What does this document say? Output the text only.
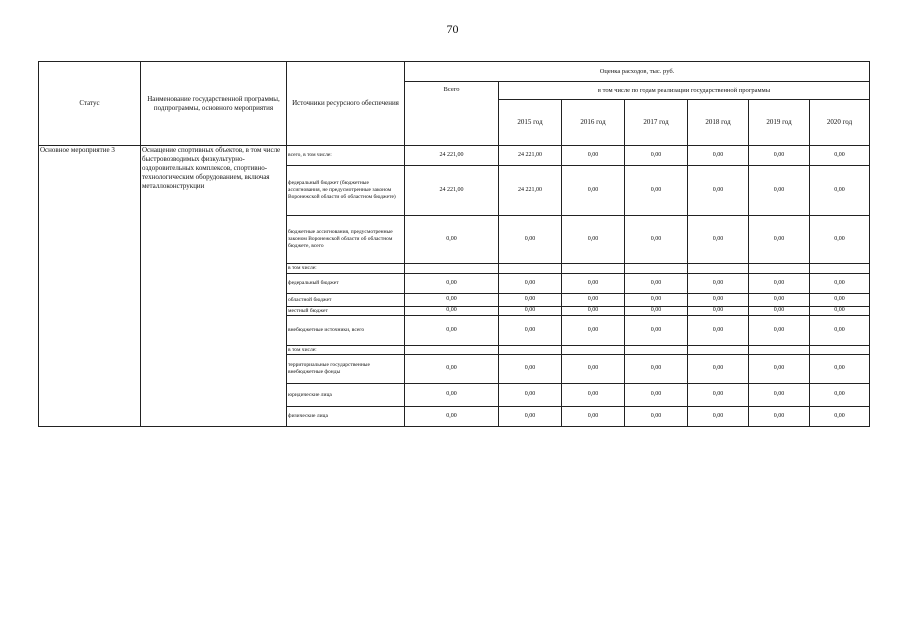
70
Статус	Наименование государственной программы, подпрограммы, основного мероприятия	Источники ресурсного обеспечения	Оценка расходов, тыс. руб.						
			Всего	в том числе по годам реализации государственной программы					
				2015 год	2016 год	2017 год	2018 год	2019 год	2020 год
Основное мероприятие 3	Оснащение спортивных объектов, в том числе быстровозводимых физкультурно-оздоровительных комплексов, спортивно-технологическим оборудованием, включая металлоконструкции	всего, в том числе:	24 221,00	24 221,00	0,00	0,00	0,00	0,00	0,00
		федеральный бюджет (бюджетные ассигнования, не предусмотренные законом Воронежской области об областном бюджете)	24 221,00	24 221,00	0,00	0,00	0,00	0,00	0,00
		бюджетные ассигнования, предусмотренные законом Воронежской области об областном бюджете, всего	0,00	0,00	0,00	0,00	0,00	0,00	0,00
		в том числе:							
		федеральный бюджет	0,00	0,00	0,00	0,00	0,00	0,00	0,00
		областной бюджет	0,00	0,00	0,00	0,00	0,00	0,00	0,00
		местный бюджет	0,00	0,00	0,00	0,00	0,00	0,00	0,00
		внебюджетные источники, всего	0,00	0,00	0,00	0,00	0,00	0,00	0,00
		в том числе:							
		территориальные государственные внебюджетные фонды	0,00	0,00	0,00	0,00	0,00	0,00	0,00
		юридические лица	0,00	0,00	0,00	0,00	0,00	0,00	0,00
		физические лица	0,00	0,00	0,00	0,00	0,00	0,00	0,00
